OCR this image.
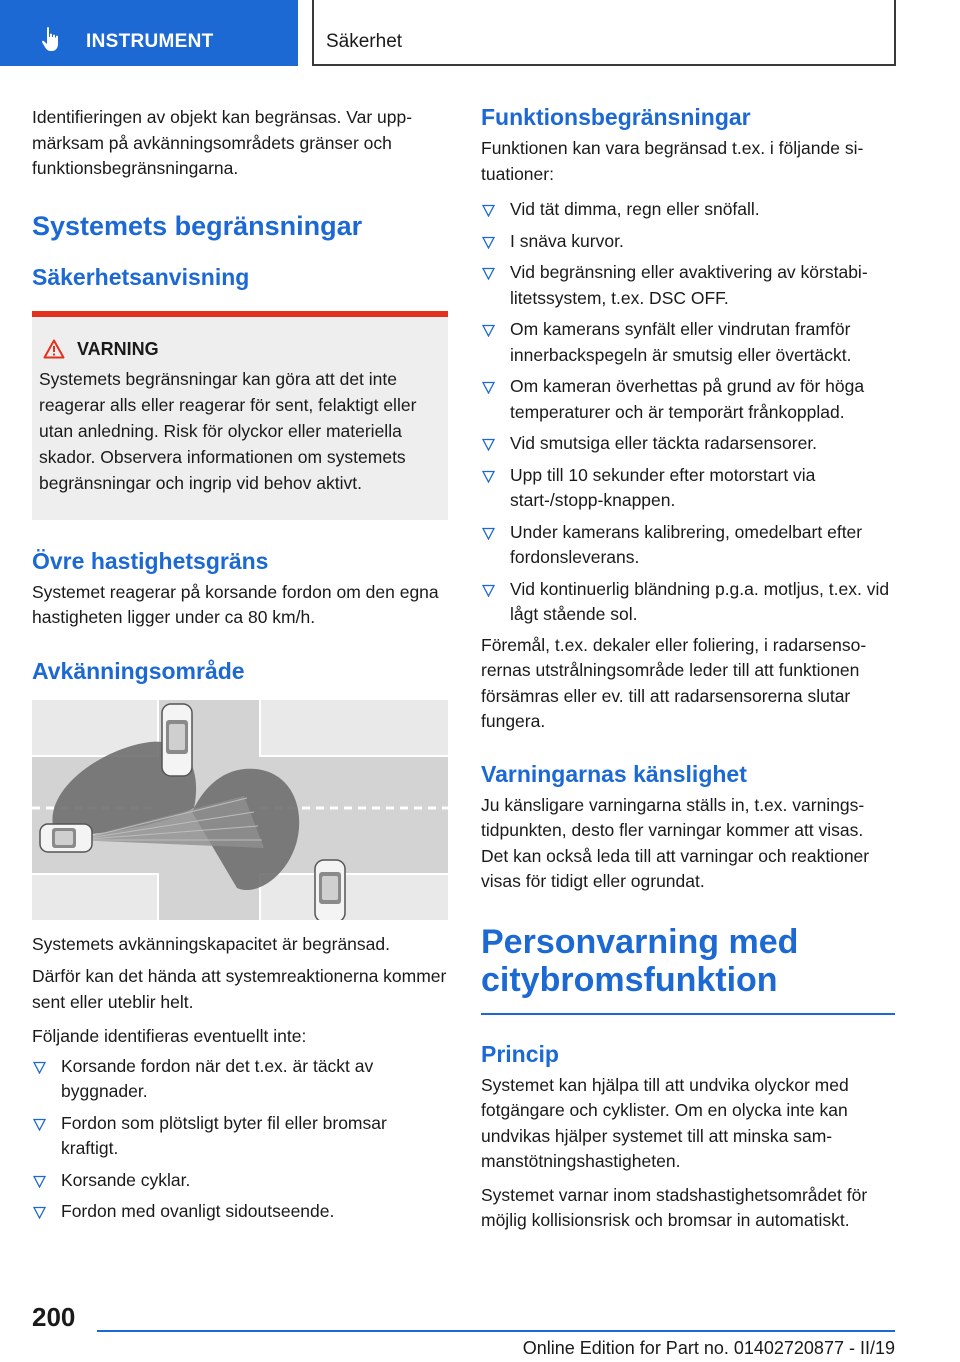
INSTRUMENT	Säkerhet

Identifieringen av objekt kan begränsas. Var uppmärksam på avkänningsområdets gränser och funktionsbegränsningarna.

Systemets begränsningar
Säkerhetsanvisning
VARNING

Systemets begränsningar kan göra att det inte reagerar alls eller reagerar för sent, felaktigt eller utan anledning. Risk för olyckor eller materiella skador. Observera informationen om systemets begränsningar och ingrip vid behov aktivt.

Övre hastighetsgräns

Systemet reagerar på korsande fordon om den egna hastigheten ligger under ca 80 km/h.

Avkänningsområde

Systemets avkänningskapacitet är begränsad.

Därför kan det hända att systemreaktionerna kommer sent eller uteblir helt.

Följande identifieras eventuellt inte:

Korsande fordon när det t.ex. är täckt av byggnader.
Fordon som plötsligt byter fil eller bromsar kraftigt.
Korsande cyklar.
Fordon med ovanligt sidoutseende.
Funktionsbegränsningar

Funktionen kan vara begränsad t.ex. i följande situationer:

Vid tät dimma, regn eller snöfall.
I snäva kurvor.
Vid begränsning eller avaktivering av körstabilitetssystem, t.ex. DSC OFF.
Om kamerans synfält eller vindrutan framför innerbackspegeln är smutsig eller övertäckt.
Om kameran överhettas på grund av för höga temperaturer och är temporärt frånkopplad.
Vid smutsiga eller täckta radarsensorer.
Upp till 10 sekunder efter motorstart via start-/stopp-knappen.
Under kamerans kalibrering, omedelbart efter fordonsleverans.
Vid kontinuerlig bländning p.g.a. motljus, t.ex. vid lågt stående sol.

Föremål, t.ex. dekaler eller foliering, i radarsensorernas utstrålningsområde leder till att funktionen försämras eller ev. till att radarsensorerna slutar fungera.

Varningarnas känslighet

Ju känsligare varningarna ställs in, t.ex. varningstidpunkten, desto fler varningar kommer att visas. Det kan också leda till att varningar och reaktioner visas för tidigt eller ogrundat.

Personvarning med citybromsfunktion
Princip

Systemet kan hjälpa till att undvika olyckor med fotgängare och cyklister. Om en olycka inte kan undvikas hjälper systemet till att minska sammanstötningshastigheten.

Systemet varnar inom stadshastighetsområdet för möjlig kollisionsrisk och bromsar in automatiskt.

200
Online Edition for Part no. 01402720877 - II/19
